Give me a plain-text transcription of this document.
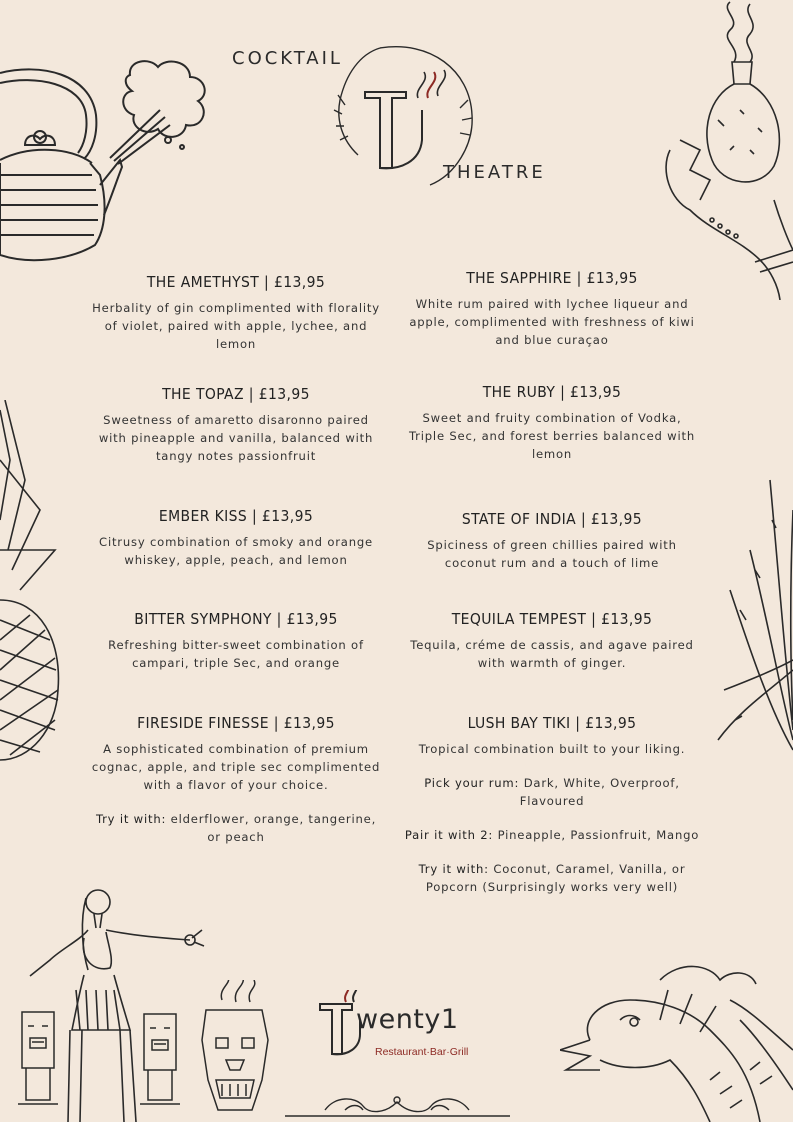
COCKTAIL
THEATRE

THE AMETHYST | £13,95

Herbality of gin complimented with florality of violet, paired with apple, lychee, and lemon

THE SAPPHIRE | £13,95

White rum paired with lychee liqueur and apple, complimented with freshness of kiwi and blue curaçao

THE TOPAZ | £13,95

Sweetness of amaretto disaronno paired with pineapple and vanilla, balanced with tangy notes passionfruit

THE RUBY | £13,95

Sweet and fruity combination of Vodka, Triple Sec, and forest berries balanced with lemon

EMBER KISS | £13,95

Citrusy combination of smoky and orange whiskey, apple, peach, and lemon

STATE OF INDIA | £13,95

Spiciness of green chillies paired with coconut rum and a touch of lime

BITTER SYMPHONY | £13,95

Refreshing bitter-sweet combination of campari, triple Sec, and orange

TEQUILA TEMPEST | £13,95

Tequila, créme de cassis, and agave paired with warmth of ginger.

FIRESIDE FINESSE | £13,95

A sophisticated combination of premium cognac, apple, and triple sec complimented with a flavor of your choice.

Try it with: elderflower, orange, tangerine, or peach

LUSH BAY TIKI | £13,95

Tropical combination built to your liking.

Pick your rum: Dark, White, Overproof, Flavoured

Pair it with 2: Pineapple, Passionfruit, Mango

Try it with: Coconut, Caramel, Vanilla, or Popcorn (Surprisingly works very well)

wenty1
Restaurant·Bar·Grill
